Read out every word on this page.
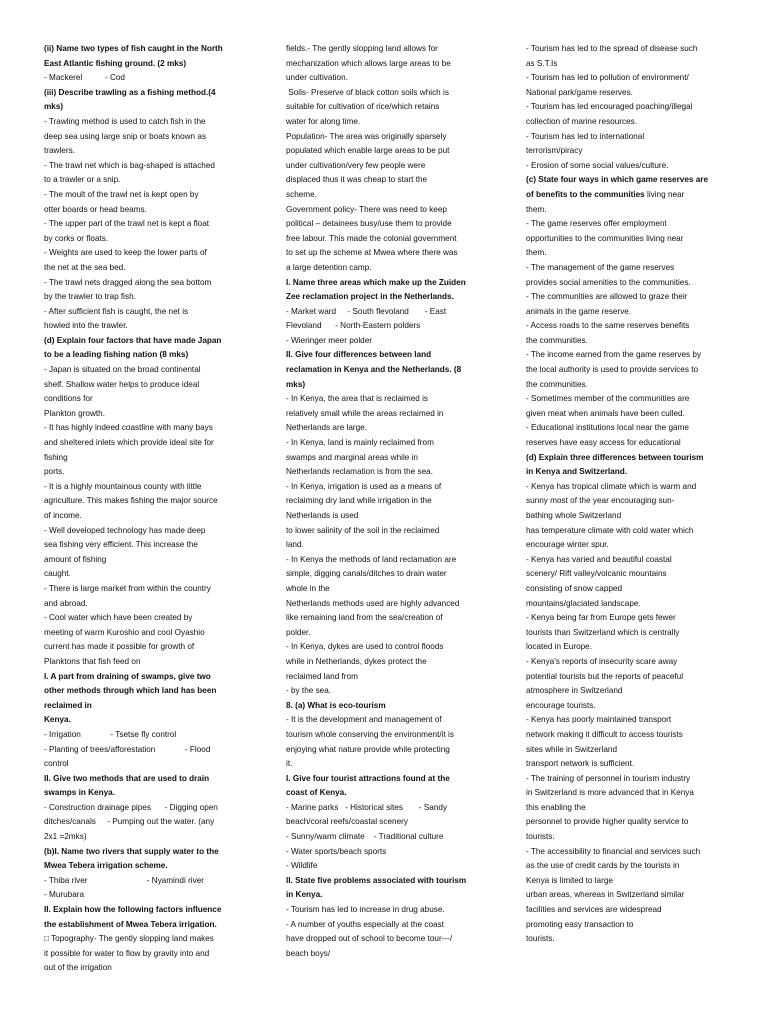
(ii) Name two types of fish caught in the North
East Atlantic fishing ground. (2 mks)
- Mackerel          - Cod
(iii) Describe trawling as a fishing method.(4
mks)
- Trawling method is used to catch fish in the
deep sea using large snip or boats known as
trawlers.
- The trawl net which is bag-shaped is attached
to a trawler or a snip.
- The moult of the trawl net is kept open by
otter boards or head beams.
- The upper part of the trawl net is kept a float
by corks or floats.
- Weights are used to keep the lower parts of
the net at the sea bed.
- The trawl nets dragged along the sea bottom
by the trawler to trap fish.
- After sufficient fish is caught, the net is
howled into the trawler.
(d) Explain four factors that have made Japan
to be a leading fishing nation (8 mks)
- Japan is situated on the broad continental
shelf. Shallow water helps to produce ideal
conditions for
Plankton growth.
- It has highly indeed coastline with many bays
and sheltered inlets which provide ideal site for
fishing
ports.
- It is a highly mountainous county with little
agriculture. This makes fishing the major source
of income.
- Well developed technology has made deep
sea fishing very efficient. This increase the
amount of fishing
caught.
- There is large market from within the country
and abroad.
- Cool water which have been created by
meeting of warm Kuroshio and cool Oyashio
current has made it possible for growth of
Planktons that fish feed on
I. A part from draining of swamps, give two
other methods through which land has been
reclaimed in
Kenya.
- Irrigation             - Tsetse fly control
- Planting of trees/afforestation             - Flood
control
II. Give two methods that are used to drain
swamps in Kenya.
- Construction drainage pipes      - Digging open
ditches/canals     - Pumping out the water. (any
2x1 =2mks)
(b)I. Name two rivers that supply water to the
Mwea Tebera irrigation scheme.
- Thiba river                          - Nyamindi river
- Murubara
II. Explain how the following factors influence
the establishment of Mwea Tebera irrigation.
□ Topography- The gently slopping land makes
it possible for water to flow by gravity into and
out of the irrigation
fields.- The gently slopping land allows for
mechanization which allows large areas to be
under cultivation.
Soils- Preserve of black cotton soils which is
suitable for cultivation of rice/which retains
water for along time.
Population- The area was originally sparsely
populated which enable large areas to be put
under cultivation/very few people were
displaced thus it was cheap to start the
scheme.
Government policy- There was need to keep
political – detainees busy/use them to provide
free labour. This made the colonial government
to set up the scheme at Mwea where there was
a large detention camp.
I. Name three areas which make up the Zuiden
Zee reclamation project in the Netherlands.
- Market ward     - South flevoland       - East
Flevoland      - North-Eastern polders
- Wieringer meer polder
II. Give four differences between land
reclamation in Kenya and the Netherlands. (8
mks)
- In Kenya, the area that is reclaimed is
relatively small while the areas reclaimed in
Netherlands are large.
- In Kenya, land is mainly reclaimed from
swamps and marginal areas while in
Netherlands reclamation is from the sea.
- In Kenya, irrigation is used as a means of
reclaiming dry land while irrigation in the
Netherlands is used
to lower salinity of the soil in the reclaimed
land.
- In Kenya the methods of land reclamation are
simple, digging canals/ditches to drain water
whole in the
Netherlands methods used are highly advanced
like remaining land from the sea/creation of
polder.
- In Kenya, dykes are used to control floods
while in Netherlands, dykes protect the
reclaimed land from
- by the sea.
8. (a) What is eco-tourism
- It is the development and management of
tourism whole conserving the environment/it is
enjoying what nature provide while protecting
it.
I. Give four tourist attractions found at the
coast of Kenya.
- Marine parks   - Historical sites       - Sandy
beach/coral reefs/coastal scenery
- Sunny/warm climate    - Traditional culture
- Water sports/beach sports
- Wildlife
II. State five problems associated with tourism
in Kenya.
- Tourism has led to increase in drug abuse.
- A number of youths especially at the coast
have dropped out of school to become tour---/
beach boys/
- Tourism has led to the spread of disease such
as S.T.Is
- Tourism has led to pollution of environment/
National park/game reserves.
- Tourism has led encouraged poaching/illegal
collection of marine resources.
- Tourism has led to international
terrorism/piracy
- Erosion of some social values/culture.
(c) State four ways in which game reserves are
of benefits to the communities living near
them.
- The game reserves offer employment
opportunities to the communities living near
them.
- The management of the game reserves
provides social amenities to the communities.
- The communities are allowed to graze their
animals in the game reserve.
- Access roads to the same reserves benefits
the communities.
- The income earned from the game reserves by
the local authority is used to provide services to
the communities.
- Sometimes member of the communities are
given meat when animals have been culled.
- Educational institutions local near the game
reserves have easy access for educational
(d) Explain three differences between tourism
in Kenya and Switzerland.
- Kenya has tropical climate which is warm and
sunny most of the year encouraging sun-
bathing whole Switzerland
has temperature climate with cold water which
encourage winter spur.
- Kenya has varied and beautiful coastal
scenery/ Rift valley/volcanic mountains
consisting of snow capped
mountains/glaciated landscape.
- Kenya being far from Europe gets fewer
tourists than Switzerland which is centrally
located in Europe.
- Kenya's reports of insecurity scare away
potential tourists but the reports of peaceful
atmosphere in Switzerland
encourage tourists.
- Kenya has poorly maintained transport
network making it difficult to access tourists
sites while in Switzerland
transport network is sufficient.
- The training of personnel in tourism industry
in Switzerland is more advanced that in Kenya
this enabling the
personnel to provide higher quality service to
tourists.
- The accessibility to financial and services such
as the use of credit cards by the tourists in
Kenya is limited to large
urban areas, whereas in Switzerland similar
facilities and services are widespread
promoting easy transaction to
tourists.
